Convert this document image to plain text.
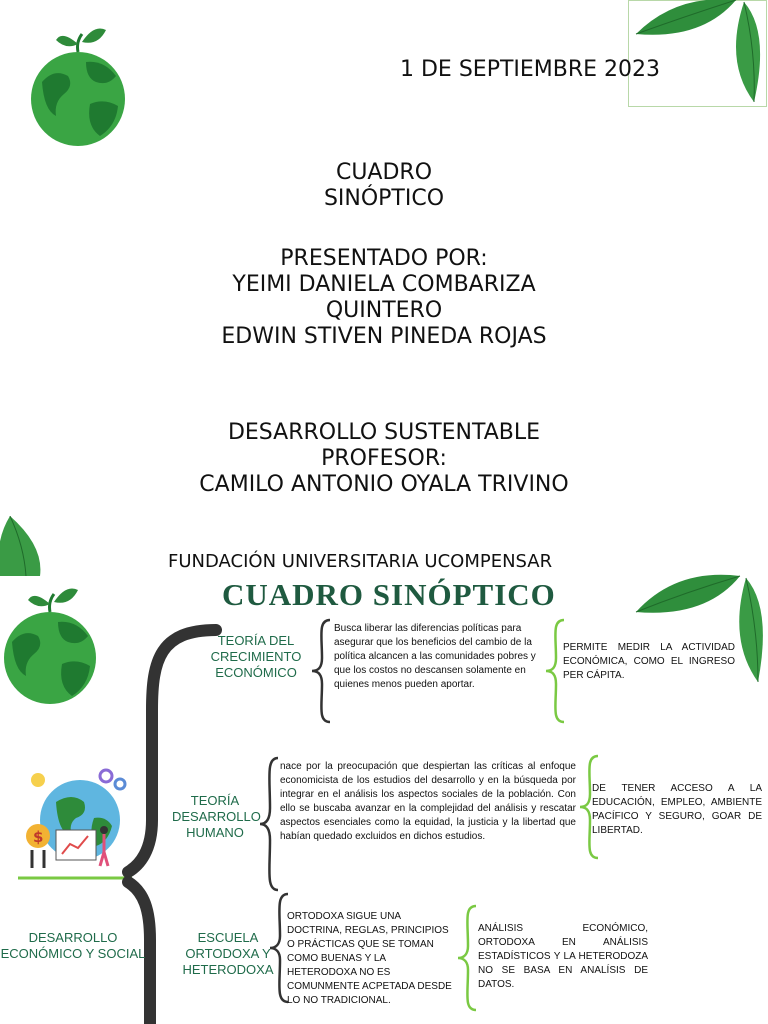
1 DE SEPTIEMBRE 2023
CUADRO
SINÓPTICO
PRESENTADO POR:
YEIMI DANIELA COMBARIZA
QUINTERO
EDWIN STIVEN PINEDA ROJAS
DESARROLLO SUSTENTABLE
PROFESOR:
CAMILO ANTONIO OYALA TRIVINO
FUNDACIÓN UNIVERSITARIA UCOMPENSAR
CUADRO SINÓPTICO
$
DESARROLLO ECONÓMICO Y SOCIAL
TEORÍA DEL CRECIMIENTO ECONÓMICO
Busca liberar las diferencias políticas para asegurar que los beneficios del cambio de la política alcancen a las comunidades pobres y que los costos no descansen solamente en quienes menos pueden aportar.
PERMITE MEDIR LA ACTIVIDAD ECONÓMICA, COMO EL INGRESO PER CÁPITA.
TEORÍA DESARROLLO HUMANO
nace por la preocupación que despiertan las críticas al enfoque economicista de los estudios del desarrollo y en la búsqueda por integrar en el análisis los aspectos sociales de la población. Con ello se buscaba avanzar en la complejidad del análisis y rescatar aspectos esenciales como la equidad, la justicia y la libertad que habían quedado excluidos en dichos estudios.
DE TENER ACCESO A LA EDUCACIÓN, EMPLEO, AMBIENTE PACÍFICO Y SEGURO, GOAR DE LIBERTAD.
ESCUELA ORTODOXA Y HETERODOXA
ORTODOXA SIGUE UNA DOCTRINA, REGLAS, PRINCIPIOS O PRÁCTICAS QUE SE TOMAN COMO BUENAS Y LA HETERODOXA NO ES COMUNMENTE ACPETADA DESDE LO NO TRADICIONAL.
ANÁLISIS ECONÓMICO, ORTODOXA EN ANÁLISIS ESTADÍSTICOS Y LA HETERODOZA NO SE BASA EN ANALÍSIS DE DATOS.
